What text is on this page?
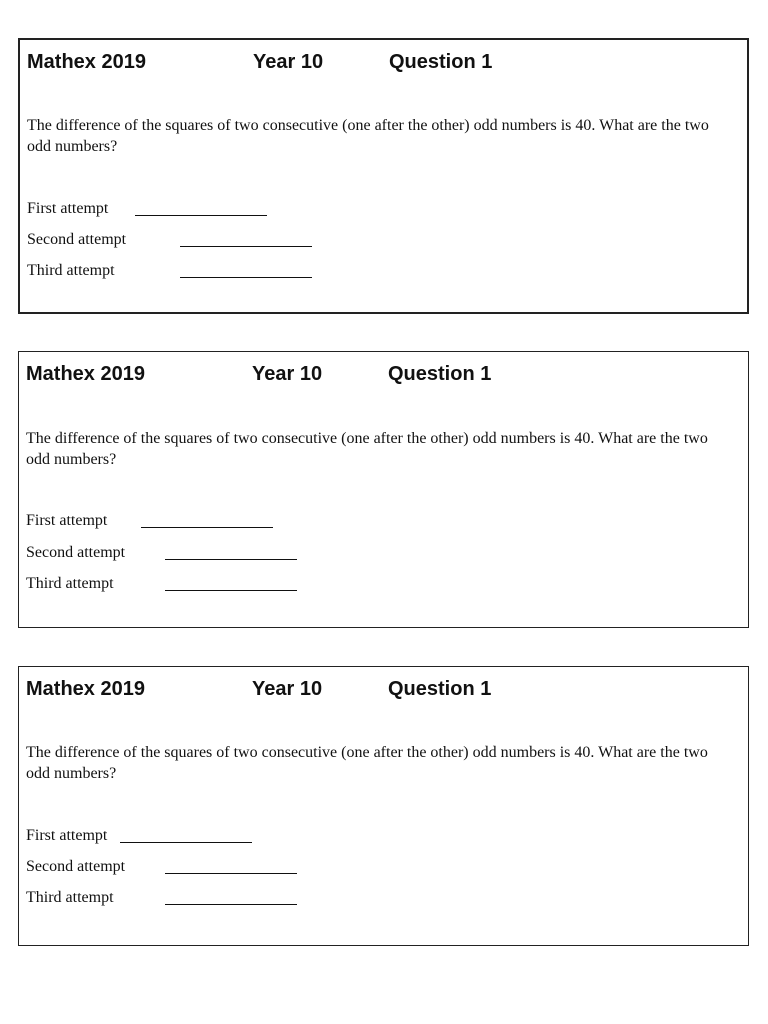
Mathex 2019	Year 10	Question 1
The difference of the squares of two consecutive (one after the other) odd numbers is 40. What are the two odd numbers?
First attempt
Second attempt
Third attempt
Mathex 2019	Year 10	Question 1
The difference of the squares of two consecutive (one after the other) odd numbers is 40. What are the two odd numbers?
First attempt
Second attempt
Third attempt
Mathex 2019	Year 10	Question 1
The difference of the squares of two consecutive (one after the other) odd numbers is 40. What are the two odd numbers?
First attempt
Second attempt
Third attempt
